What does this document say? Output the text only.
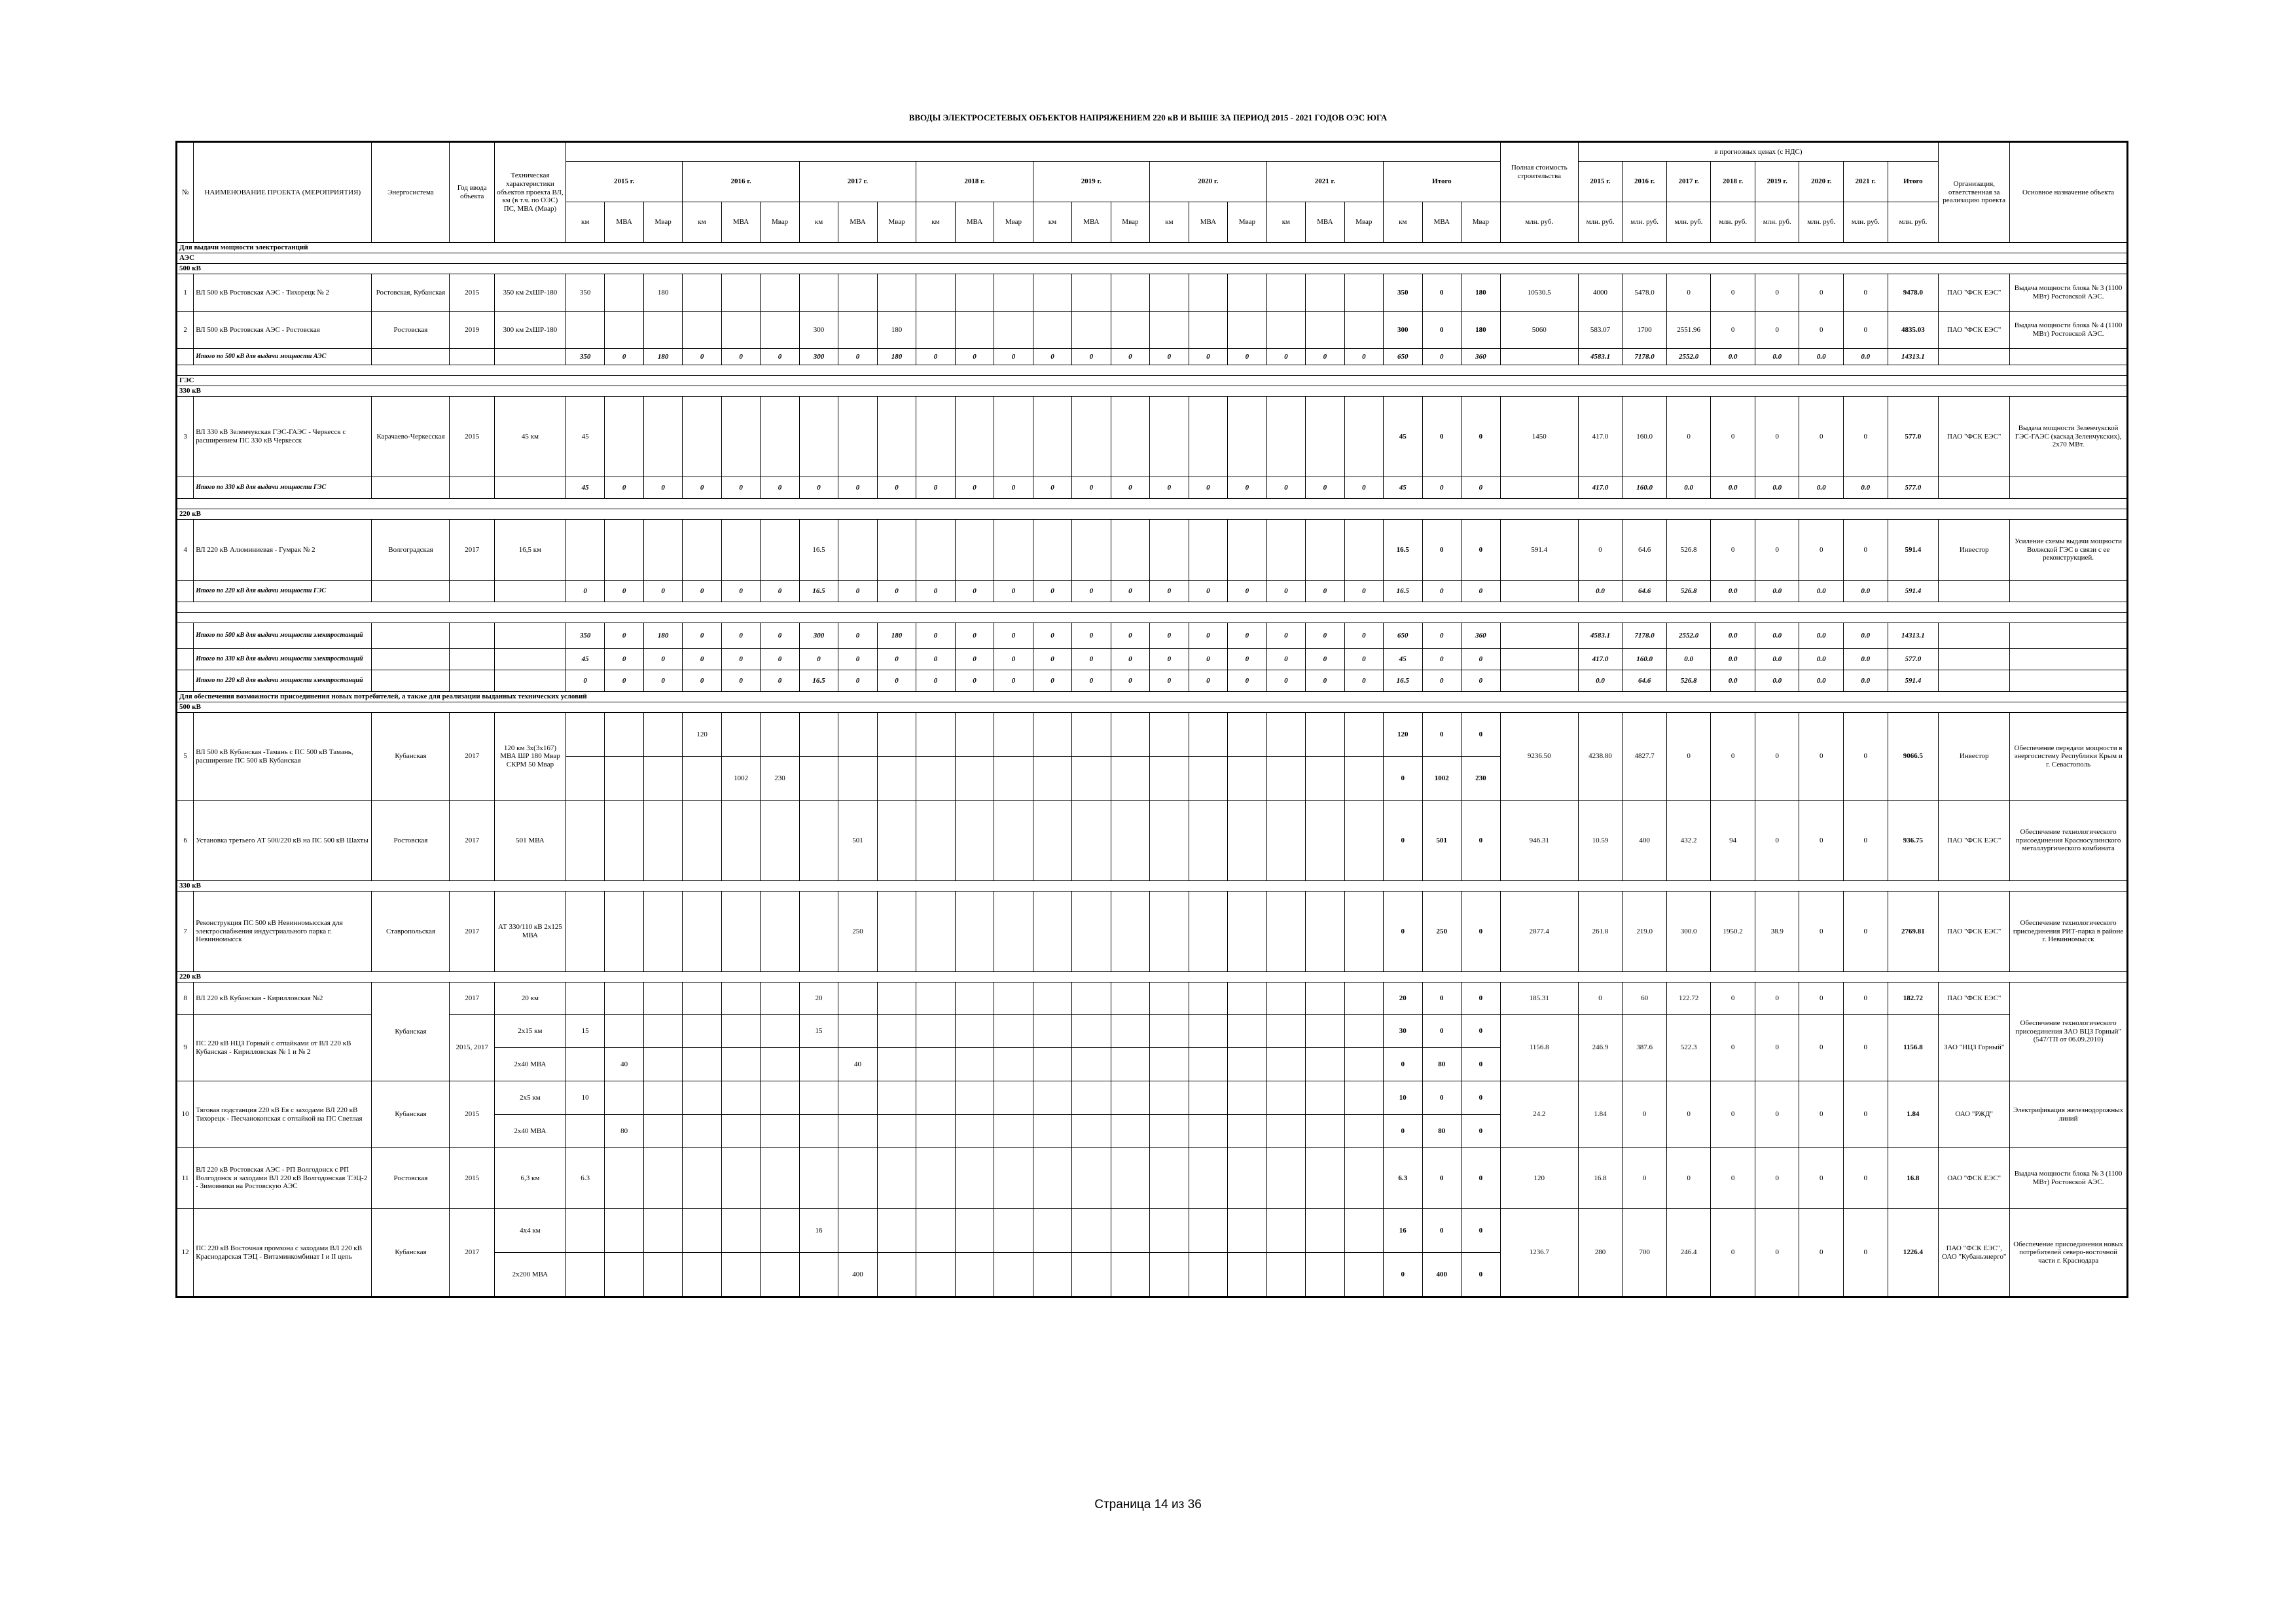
ВВОДЫ ЭЛЕКТРОСЕТЕВЫХ ОБЪЕКТОВ НАПРЯЖЕНИЕМ 220 кВ И ВЫШЕ ЗА ПЕРИОД 2015 - 2021 ГОДОВ ОЭС ЮГА
№	НАИМЕНОВАНИЕ ПРОЕКТА (МЕРОПРИЯТИЯ)	Энергосистема	Год ввода объекта	Техническая характеристики объектов проекта ВЛ, км (в т.ч. по ОЭС) ПС, МВА (Мвар)																									Полная стоимость строительства	в прогнозных ценах (с НДС)								Организация, ответственная за реализацию проекта	Основное назначение объекта
					2015 г.			2016 г.			2017 г.			2018 г.			2019 г.			2020 г.			2021 г.			Итого				2015 г.	2016 г.	2017 г.	2018 г.	2019 г.	2020 г.	2021 г.	Итого		
					км	МВА	Мвар	км	МВА	Мвар	км	МВА	Мвар	км	МВА	Мвар	км	МВА	Мвар	км	МВА	Мвар	км	МВА	Мвар	км	МВА	Мвар	млн. руб.	млн. руб.	млн. руб.	млн. руб.	млн. руб.	млн. руб.	млн. руб.	млн. руб.	млн. руб.		
Для выдачи мощности электростанций																																							
АЭС																																							
500 кВ																																							
1	ВЛ 500 кВ Ростовская АЭС - Тихорецк № 2	Ростовская, Кубанская	2015	350 км 2хШР-180	350		180																			350	0	180	10530.5	4000	5478.0	0	0	0	0	0	9478.0	ПАО "ФСК ЕЭС"	Выдача мощности блока № 3 (1100 МВт) Ростовской АЭС.
2	ВЛ 500 кВ Ростовская АЭС - Ростовская	Ростовская	2019	300 км 2хШР-180							300		180													300	0	180	5060	583.07	1700	2551.96	0	0	0	0	4835.03	ПАО "ФСК ЕЭС"	Выдача мощности блока № 4 (1100 МВт) Ростовской АЭС.
	Итого по 500 кВ для выдачи мощности АЭС				350	0	180	0	0	0	300	0	180	0	0	0	0	0	0	0	0	0	0	0	0	650	0	360		4583.1	7178.0	2552.0	0.0	0.0	0.0	0.0	14313.1		

ГЭС																																							
330 кВ																																							
3	ВЛ 330 кВ Зеленчукская ГЭС-ГАЭС - Черкесск с расширением ПС 330 кВ Черкесск	Карачаево-Черкесская	2015	45 км	45																					45	0	0	1450	417.0	160.0	0	0	0	0	0	577.0	ПАО "ФСК ЕЭС"	Выдача мощности Зеленчукской ГЭС-ГАЭС (каскад Зеленчукских), 2х70 МВт.
	Итого по 330 кВ для выдачи мощности ГЭС				45	0	0	0	0	0	0	0	0	0	0	0	0	0	0	0	0	0	0	0	0	45	0	0		417.0	160.0	0.0	0.0	0.0	0.0	0.0	577.0		

220 кВ																																							
4	ВЛ 220 кВ Алюминиевая - Гумрак № 2	Волгоградская	2017	16,5 км							16.5															16.5	0	0	591.4	0	64.6	526.8	0	0	0	0	591.4	Инвестор	Усиление схемы выдачи мощности Волжской ГЭС в связи с ее реконструкцией.
	Итого по 220 кВ для выдачи мощности ГЭС				0	0	0	0	0	0	16.5	0	0	0	0	0	0	0	0	0	0	0	0	0	0	16.5	0	0		0.0	64.6	526.8	0.0	0.0	0.0	0.0	591.4		

	Итого по 500 кВ для выдачи мощности электростанций				350	0	180	0	0	0	300	0	180	0	0	0	0	0	0	0	0	0	0	0	0	650	0	360		4583.1	7178.0	2552.0	0.0	0.0	0.0	0.0	14313.1		
	Итого по 330 кВ для выдачи мощности электростанций				45	0	0	0	0	0	0	0	0	0	0	0	0	0	0	0	0	0	0	0	0	45	0	0		417.0	160.0	0.0	0.0	0.0	0.0	0.0	577.0		
	Итого по 220 кВ для выдачи мощности электростанций				0	0	0	0	0	0	16.5	0	0	0	0	0	0	0	0	0	0	0	0	0	0	16.5	0	0		0.0	64.6	526.8	0.0	0.0	0.0	0.0	591.4		
Для обеспечения возможности присоединения новых потребителей, а также для реализации выданных технических условий																																							
500 кВ																																							
5	ВЛ 500 кВ Кубанская -Тамань с ПС 500 кВ Тамань, расширение ПС 500 кВ Кубанская	Кубанская	2017	120 км 3х(3х167) МВА ШР 180 Мвар СКРМ 50 Мвар				120																		120	0	0	9236.50	4238.80	4827.7	0	0	0	0	0	9066.5	Инвестор	Обеспечение передачи мощности в энергосистему Республики Крым и г. Севастополь
									1002	230																0	1002	230											
6	Установка третьего АТ 500/220 кВ на ПС 500 кВ Шахты	Ростовская	2017	501 МВА								501														0	501	0	946.31	10.59	400	432.2	94	0	0	0	936.75	ПАО "ФСК ЕЭС"	Обеспечение технологического присоединения Красносулинского металлургического комбината
330 кВ																																							
7	Реконструкция ПС 500 кВ Невинномысская для электроснабжения индустриального парка г. Невинномысск	Ставропольская	2017	АТ 330/110 кВ 2х125 МВА								250														0	250	0	2877.4	261.8	219.0	300.0	1950.2	38.9	0	0	2769.81	ПАО "ФСК ЕЭС"	Обеспечение технологического присоединения РИТ-парка в районе г. Невинномысск
220 кВ																																							
8	ВЛ 220 кВ Кубанская - Кирилловская №2	Кубанская	2017	20 км							20															20	0	0	185.31	0	60	122.72	0	0	0	0	182.72	ПАО "ФСК ЕЭС"	Обеспечение технологического присоединения ЗАО ВЦЗ Горный" (547/ТП от 06.09.2010)
9	ПС 220 кВ НЦЗ Горный с отпайками от ВЛ 220 кВ Кубанская - Кирилловская № 1 и № 2		2015, 2017	2х15 км	15						15															30	0	0	1156.8	246.9	387.6	522.3	0	0	0	0	1156.8	ЗАО "НЦЗ Горный"	
				2х40 МВА		40						40														0	80	0											
10	Тяговая подстанция 220 кВ Ея с заходами ВЛ 220 кВ Тихорецк - Песчанокопская с отпайкой на ПС Светлая	Кубанская	2015	2х5 км	10																					10	0	0	24.2	1.84	0	0	0	0	0	0	1.84	ОАО "РЖД"	Электрификация железнодорожных линий
				2х40 МВА		80																				0	80	0											
11	ВЛ 220 кВ Ростовская АЭС - РП Волгодонск с РП Волгодонск и заходами ВЛ 220 кВ Волгодонская ТЭЦ-2 - Зимовники на Ростовскую АЭС	Ростовская	2015	6,3 км	6.3																					6.3	0	0	120	16.8	0	0	0	0	0	0	16.8	ОАО "ФСК ЕЭС"	Выдача мощности блока № 3 (1100 МВт) Ростовской АЭС.
12	ПС 220 кВ Восточная промзона с заходами ВЛ 220 кВ Краснодарская ТЭЦ - Витаминкомбинат I и II цепь	Кубанская	2017	4х4 км							16															16	0	0	1236.7	280	700	246.4	0	0	0	0	1226.4	ПАО "ФСК ЕЭС", ОАО "Кубаньэнерго"	Обеспечение присоединения новых потребителей северо-восточной части г. Краснодара
				2х200 МВА								400														0	400	0											
Страница 14 из 36
